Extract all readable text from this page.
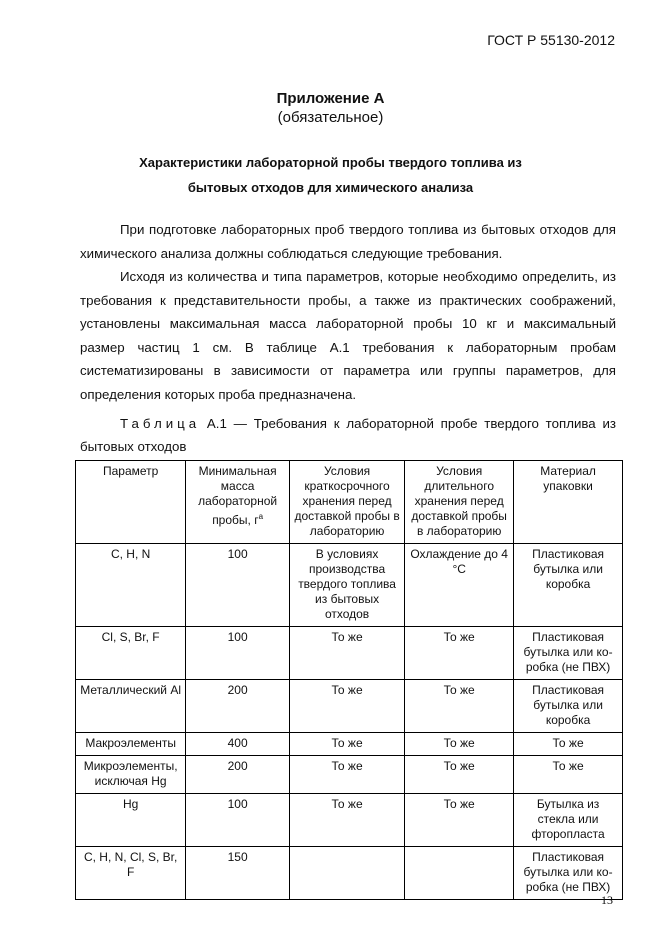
ГОСТ Р 55130-2012
Приложение А
(обязательное)
Характеристики лабораторной пробы твердого топлива из
бытовых отходов для химического анализа

При подготовке лабораторных проб твердого топлива из бытовых отходов для химического анализа должны соблюдаться следующие требования.

Исходя из количества и типа параметров, которые необходимо определить, из требования к представительности пробы, а также из практических соображений, установлены максимальная масса лабораторной пробы 10 кг и максимальный размер частиц 1 см. В таблице А.1 требования к лабораторным пробам систематизированы в зависимости от параметра или группы параметров, для определения которых проба предназначена.

Таблица А.1 — Требования к лабораторной пробе твердого топлива из бытовых отходов
Параметр	Минимальная масса лабораторной пробы, $г^а$	Условия краткосрочного хранения перед доставкой пробы в лабораторию	Условия длительного хранения перед доставкой пробы в лабораторию	Материал упаковки
С, Н, N	100	В условиях производства твердого топлива из бытовых отходов	Охлаждение до 4 °С	Пластиковая бутылка или коробка
Cl, S, Br, F	100	То же	То же	Пластиковая бутылка или ко-робка (не ПВХ)
Металлический Al	200	То же	То же	Пластиковая бутылка или коробка
Макроэлементы	400	То же	То же	То же
Микроэлементы, исключая Hg	200	То же	То же	То же
Hg	100	То же	То же	Бутылка из стекла или фторопласта
С, Н, N, Cl, S, Br, F	150			Пластиковая бутылка или ко-робка (не ПВХ)
13
